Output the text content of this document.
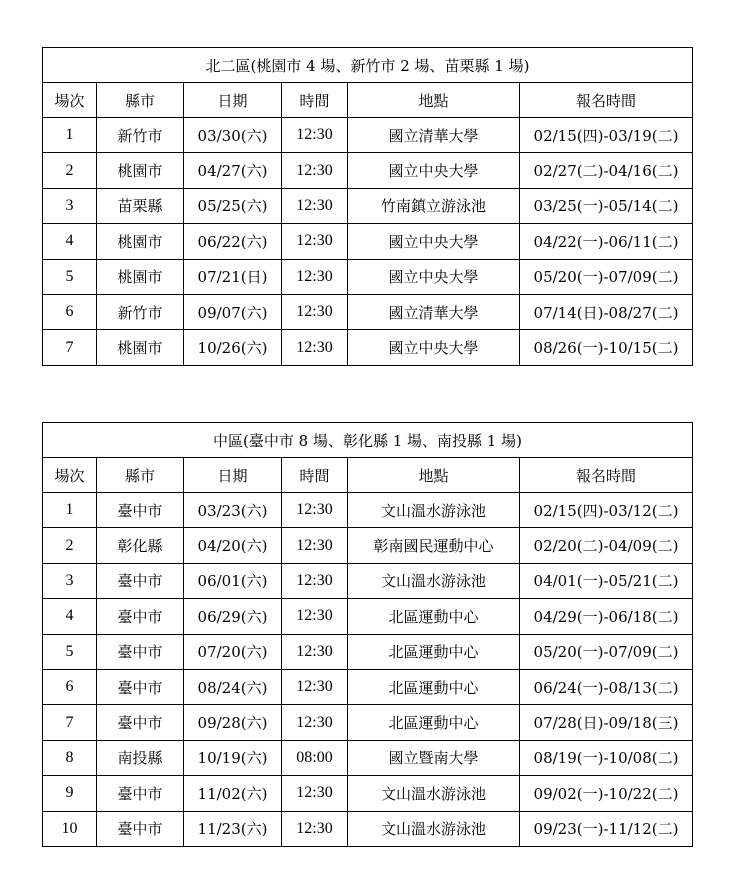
北二區(桃園市 4 場、新竹市 2 場、苗栗縣 1 場)					
場次	縣市	日期	時間	地點	報名時間
1	新竹市	03/30(六)	12:30	國立清華大學	02/15(四)-03/19(二)
2	桃園市	04/27(六)	12:30	國立中央大學	02/27(二)-04/16(二)
3	苗栗縣	05/25(六)	12:30	竹南鎮立游泳池	03/25(一)-05/14(二)
4	桃園市	06/22(六)	12:30	國立中央大學	04/22(一)-06/11(二)
5	桃園市	07/21(日)	12:30	國立中央大學	05/20(一)-07/09(二)
6	新竹市	09/07(六)	12:30	國立清華大學	07/14(日)-08/27(二)
7	桃園市	10/26(六)	12:30	國立中央大學	08/26(一)-10/15(二)
中區(臺中市 8 場、彰化縣 1 場、南投縣 1 場)					
場次	縣市	日期	時間	地點	報名時間
1	臺中市	03/23(六)	12:30	文山溫水游泳池	02/15(四)-03/12(二)
2	彰化縣	04/20(六)	12:30	彰南國民運動中心	02/20(二)-04/09(二)
3	臺中市	06/01(六)	12:30	文山溫水游泳池	04/01(一)-05/21(二)
4	臺中市	06/29(六)	12:30	北區運動中心	04/29(一)-06/18(二)
5	臺中市	07/20(六)	12:30	北區運動中心	05/20(一)-07/09(二)
6	臺中市	08/24(六)	12:30	北區運動中心	06/24(一)-08/13(二)
7	臺中市	09/28(六)	12:30	北區運動中心	07/28(日)-09/18(三)
8	南投縣	10/19(六)	08:00	國立暨南大學	08/19(一)-10/08(二)
9	臺中市	11/02(六)	12:30	文山溫水游泳池	09/02(一)-10/22(二)
10	臺中市	11/23(六)	12:30	文山溫水游泳池	09/23(一)-11/12(二)
